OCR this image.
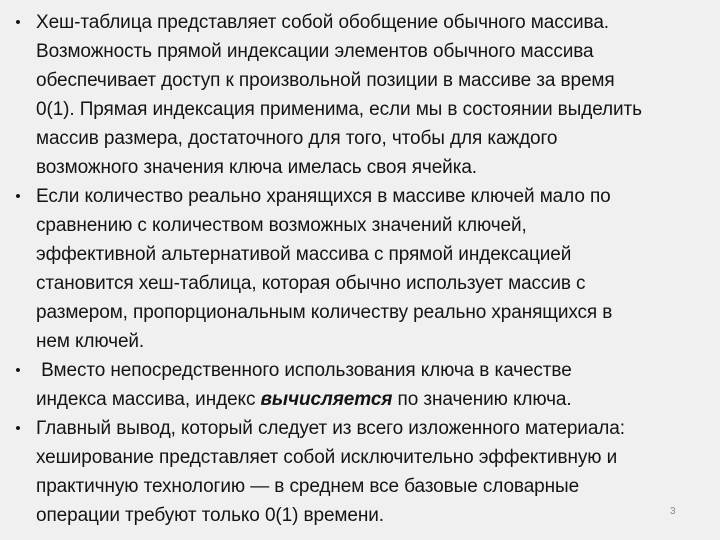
• Хеш-таблица представляет собой обобщение обычного массива.
Возможность прямой индексации элементов обычного массива
обеспечивает доступ к произвольной позиции в массиве за время
0(1). Прямая индексация применима, если мы в состоянии выделить
массив размера, достаточного для того, чтобы для каждого
возможного значения ключа имелась своя ячейка.
• Если количество реально хранящихся в массиве ключей мало по
сравнению с количеством возможных значений ключей,
эффективной альтернативой массива с прямой индексацией
становится хеш-таблица, которая обычно использует массив с
размером, пропорциональным количеству реально хранящихся в
нем ключей.
• Вместо непосредственного использования ключа в качестве
индекса массива, индекс вычисляется по значению ключа.
• Главный вывод, который следует из всего изложенного материала:
хеширование представляет собой исключительно эффективную и
практичную технологию — в среднем все базовые словарные
операции требуют только 0(1) времени.	3
